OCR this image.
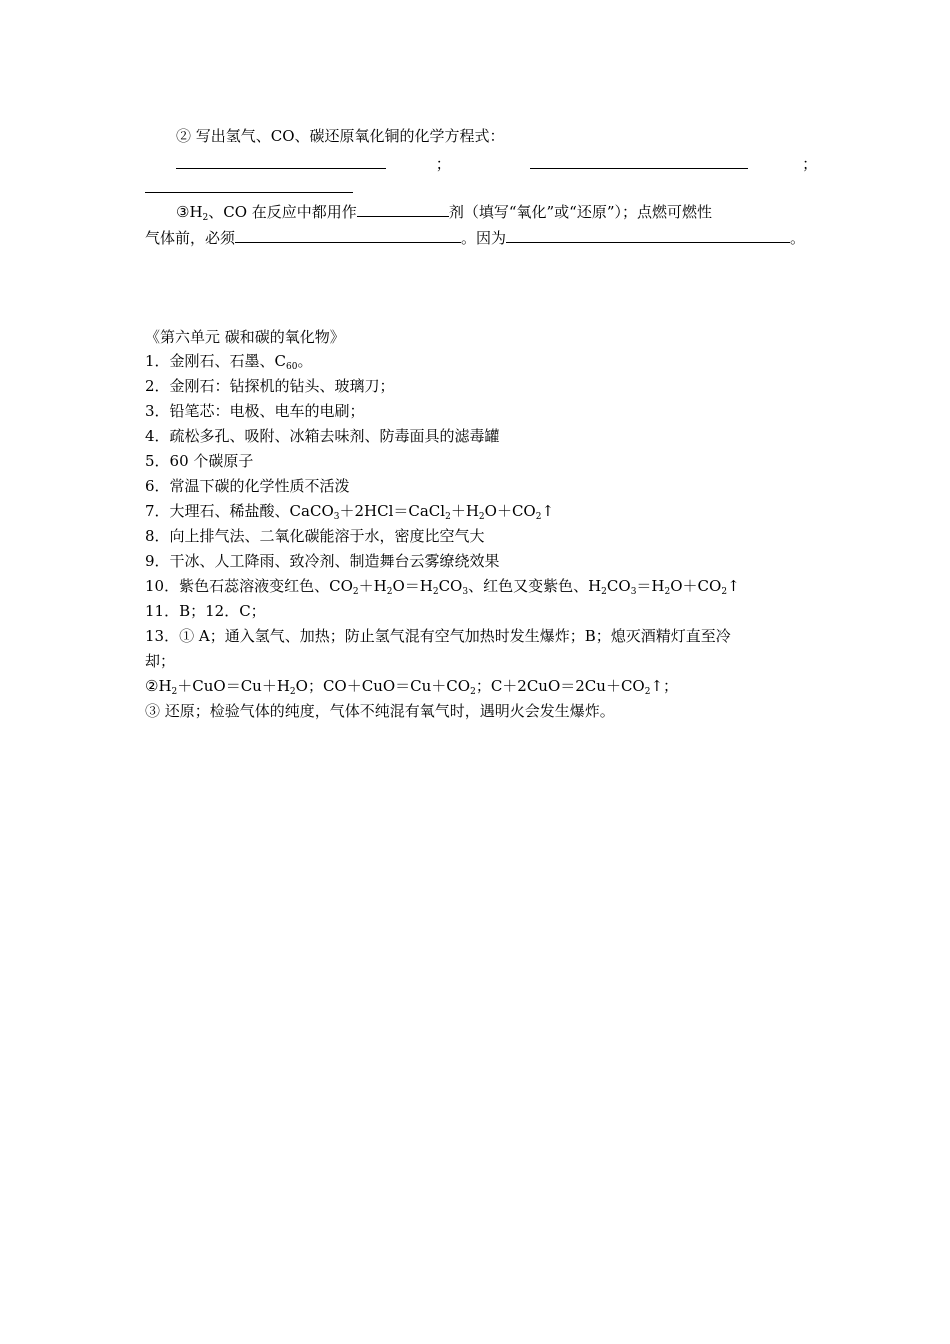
② 写出氢气、CO、碳还原氧化铜的化学方程式：
；	；
$③H_2$、CO 在反应中都用作	剂（填写“氧化”或“还原”）；点燃可燃性
气体前，必须	。因为	。
《第六单元 碳和碳的氧化物》
1．金刚石、石墨、$C_{60}$。
2．金刚石：钻探机的钻头、玻璃刀；
3．铅笔芯：电极、电车的电刷；
4．疏松多孔、吸附、冰箱去味剂、防毒面具的滤毒罐
5．60 个碳原子
6．常温下碳的化学性质不活泼
7．大理石、稀盐酸、$CaCO_3+2HCl=CaCl_2+H_2O+CO_2↑$
8．向上排气法、二氧化碳能溶于水，密度比空气大
9．干冰、人工降雨、致冷剂、制造舞台云雾缭绕效果
10．紫色石蕊溶液变红色、$CO_2+H_2O=H_2CO_3$、红色又变紫色、$H_2CO_3=H_2O+CO_2↑$
11．B；12．C；
13．① A；通入氢气、加热；防止氢气混有空气加热时发生爆炸；B；熄灭酒精灯直至冷
却；
$②H_2+CuO=Cu+H_2O$；$CO+CuO=Cu+CO_2$；$C+2CuO=2Cu+CO_2↑$；
③ 还原；检验气体的纯度，气体不纯混有氧气时，遇明火会发生爆炸。
